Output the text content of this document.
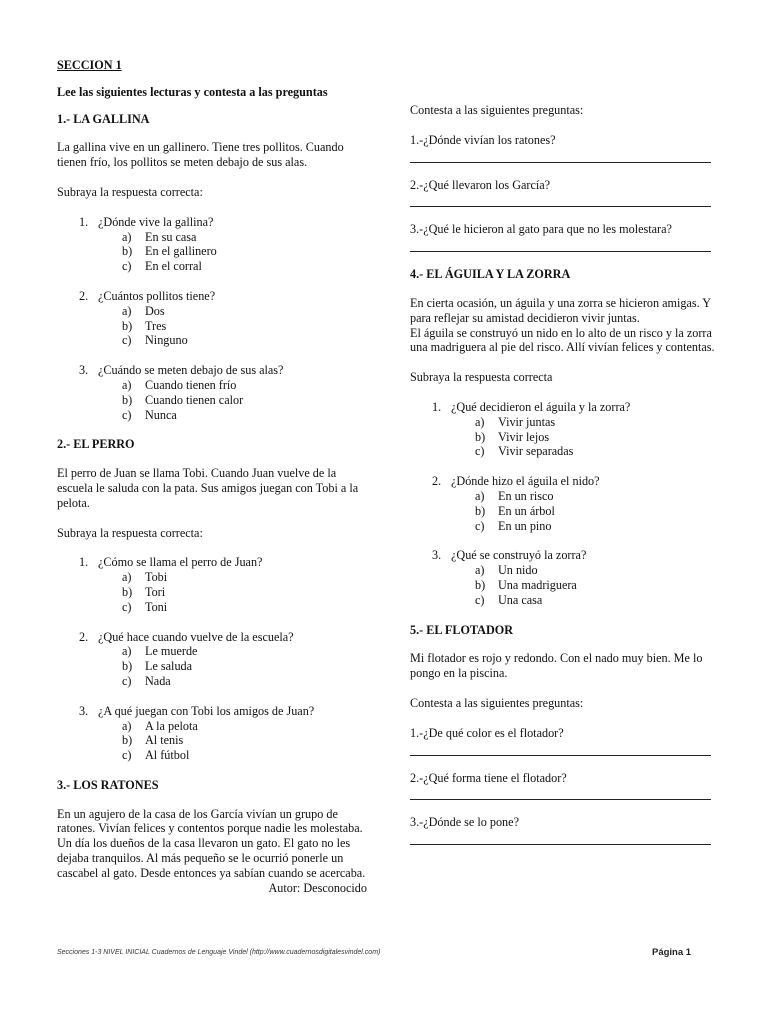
SECCION 1
Lee las siguientes lecturas y contesta a las preguntas
1.- LA GALLINA

La gallina vive en un gallinero. Tiene tres pollitos. Cuando tienen frío, los pollitos se meten debajo de sus alas.

Subraya la respuesta correcta:

1. ¿Dónde vive la gallina?
a) En su casa
b) En el gallinero
c) En el corral
2. ¿Cuántos pollitos tiene?
a) Dos
b) Tres
c) Ninguno
3. ¿Cuándo se meten debajo de sus alas?
a) Cuando tienen frío
b) Cuando tienen calor
c) Nunca
2.- EL PERRO

El perro de Juan se llama Tobi. Cuando Juan vuelve de la escuela le saluda con la pata. Sus amigos juegan con Tobi a la pelota.

Subraya la respuesta correcta:

1. ¿Cómo se llama el perro de Juan?
a) Tobi
b) Tori
c) Toni
2. ¿Qué hace cuando vuelve de la escuela?
a) Le muerde
b) Le saluda
c) Nada
3. ¿A qué juegan con Tobi los amigos de Juan?
a) A la pelota
b) Al tenis
c) Al fútbol
3.- LOS RATONES
En un agujero de la casa de los García vivían un grupo de ratones. Vivían felices y contentos porque nadie les molestaba.
Un día los dueños de la casa llevaron un gato. El gato no les dejaba tranquilos. Al más pequeño se le ocurrió ponerle un cascabel al gato. Desde entonces ya sabían cuando se acercaba.
Autor: Desconocido

Contesta a las siguientes preguntas:

1.-¿Dónde vivían los ratones?
2.-¿Qué llevaron los García?
3.-¿Qué le hicieron al gato para que no les molestara?
4.- EL ÁGUILA Y LA ZORRA
En cierta ocasión, un águila y una zorra se hicieron amigas. Y para reflejar su amistad decidieron vivir juntas.

El águila se construyó un nido en lo alto de un risco y la zorra una madriguera al pie del risco. Allí vivían felices y contentas.

Subraya la respuesta correcta

1. ¿Qué decidieron el águila y la zorra?
a) Vivir juntas
b) Vivir lejos
c) Vivir separadas
2. ¿Dónde hizo el águila el nido?
a) En un risco
b) En un árbol
c) En un pino
3. ¿Qué se construyó la zorra?
a) Un nido
b) Una madriguera
c) Una casa
5.- EL FLOTADOR

Mi flotador es rojo y redondo. Con el nado muy bien. Me lo pongo en la piscina.

Contesta a las siguientes preguntas:

1.-¿De qué color es el flotador?
2.-¿Qué forma tiene el flotador?
3.-¿Dónde se lo pone?
Secciones 1-3 NIVEL INICIAL Cuadernos de Lenguaje Vindel (http://www.cuadernosdigitalesvindel.com)	Página 1
